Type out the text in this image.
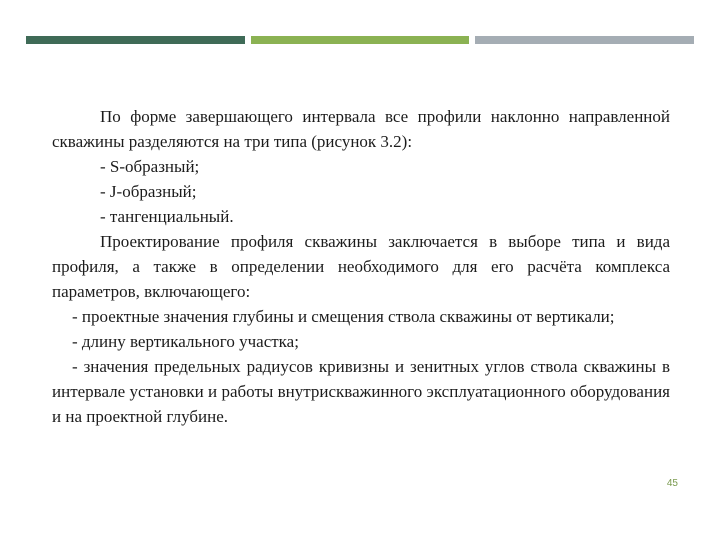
По форме завершающего интервала все профили наклонно направленной скважины разделяются на три типа (рисунок 3.2):

- S-образный;

- J-образный;

- тангенциальный.

Проектирование профиля скважины заключается в выборе типа и вида профиля, а также в определении необходимого для его расчёта комплекса параметров, включающего:

- проектные значения глубины и смещения ствола скважины от вертикали;

- длину вертикального участка;

- значения предельных радиусов кривизны и зенитных углов ствола скважины в интервале установки и работы внутрискважинного эксплуатационного оборудования и на проектной глубине.

45
